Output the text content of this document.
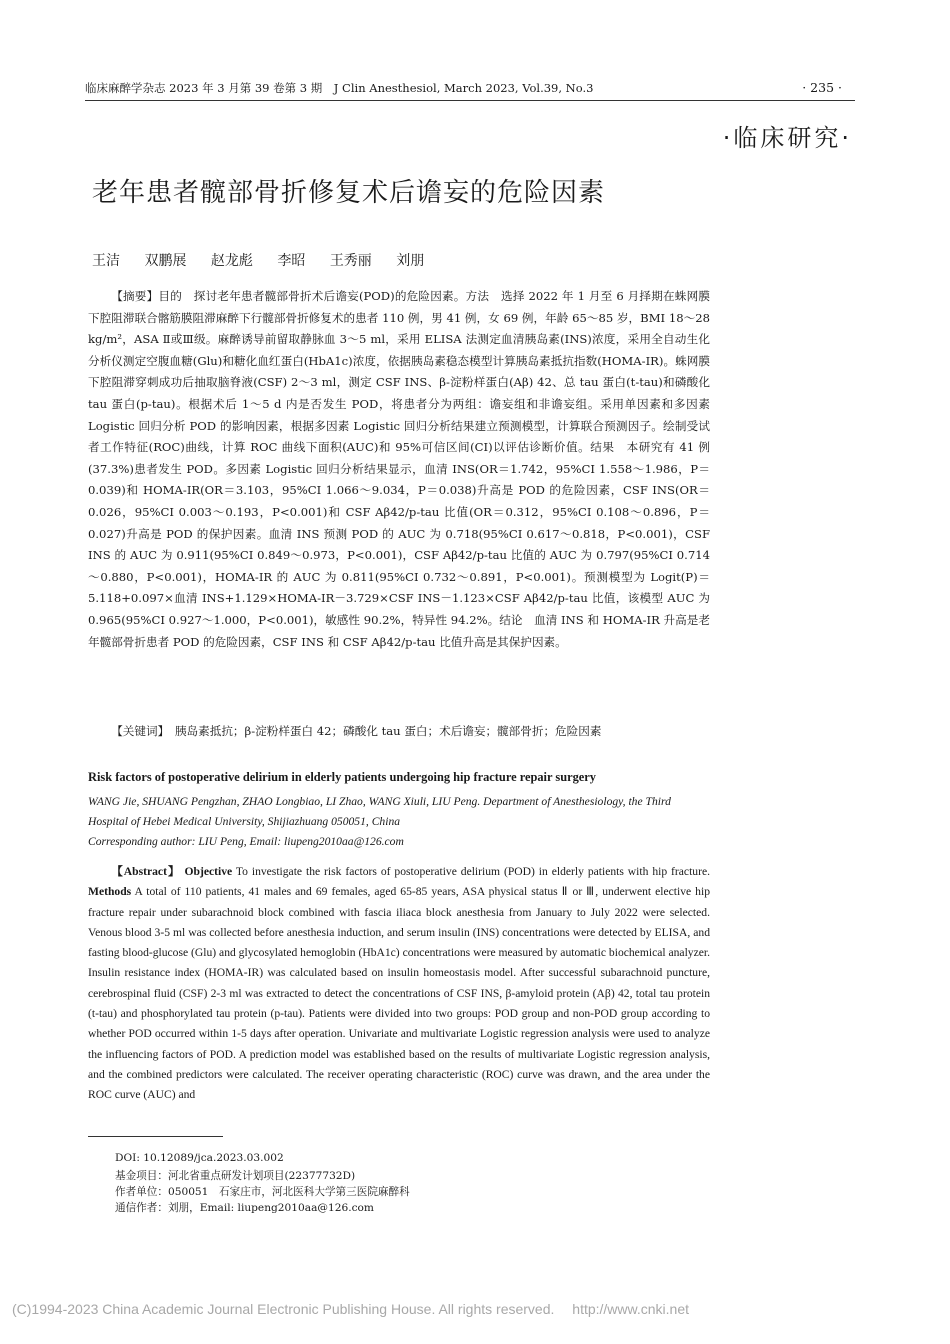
临床麻醉学杂志 2023 年 3 月第 39 卷第 3 期　J Clin Anesthesiol, March 2023, Vol.39, No.3	· 235 ·
·临床研究·
老年患者髋部骨折修复术后谵妄的危险因素
王洁 双鹏展 赵龙彪 李昭 王秀丽 刘朋

【摘要】目的　探讨老年患者髋部骨折术后谵妄(POD)的危险因素。方法　选择 2022 年 1 月至 6 月择期在蛛网膜下腔阻滞联合髂筋膜阻滞麻醉下行髋部骨折修复术的患者 110 例，男 41 例，女 69 例，年龄 65～85 岁，BMI 18～28 kg/m²，ASA Ⅱ或Ⅲ级。麻醉诱导前留取静脉血 3～5 ml，采用 ELISA 法测定血清胰岛素(INS)浓度，采用全自动生化分析仪测定空腹血糖(Glu)和糖化血红蛋白(HbA1c)浓度，依据胰岛素稳态模型计算胰岛素抵抗指数(HOMA-IR)。蛛网膜下腔阻滞穿刺成功后抽取脑脊液(CSF) 2～3 ml，测定 CSF INS、β-淀粉样蛋白(Aβ) 42、总 tau 蛋白(t-tau)和磷酸化 tau 蛋白(p-tau)。根据术后 1～5 d 内是否发生 POD，将患者分为两组：谵妄组和非谵妄组。采用单因素和多因素 Logistic 回归分析 POD 的影响因素，根据多因素 Logistic 回归分析结果建立预测模型，计算联合预测因子。绘制受试者工作特征(ROC)曲线，计算 ROC 曲线下面积(AUC)和 95%可信区间(CI)以评估诊断价值。结果　本研究有 41 例(37.3%)患者发生 POD。多因素 Logistic 回归分析结果显示，血清 INS(OR＝1.742，95%CI 1.558～1.986，P＝0.039)和 HOMA-IR(OR＝3.103，95%CI 1.066～9.034，P＝0.038)升高是 POD 的危险因素，CSF INS(OR＝0.026，95%CI 0.003～0.193，P<0.001)和 CSF Aβ42/p-tau 比值(OR＝0.312，95%CI 0.108～0.896，P＝0.027)升高是 POD 的保护因素。血清 INS 预测 POD 的 AUC 为 0.718(95%CI 0.617～0.818，P<0.001)，CSF INS 的 AUC 为 0.911(95%CI 0.849～0.973，P<0.001)，CSF Aβ42/p-tau 比值的 AUC 为 0.797(95%CI 0.714～0.880，P<0.001)，HOMA-IR 的 AUC 为 0.811(95%CI 0.732～0.891，P<0.001)。预测模型为 Logit(P)＝5.118+0.097×血清 INS+1.129×HOMA-IR－3.729×CSF INS－1.123×CSF Aβ42/p-tau 比值，该模型 AUC 为 0.965(95%CI 0.927～1.000，P<0.001)，敏感性 90.2%，特异性 94.2%。结论　血清 INS 和 HOMA-IR 升高是老年髋部骨折患者 POD 的危险因素，CSF INS 和 CSF Aβ42/p-tau 比值升高是其保护因素。

【关键词】　胰岛素抵抗；β-淀粉样蛋白 42；磷酸化 tau 蛋白；术后谵妄；髋部骨折；危险因素

Risk factors of postoperative delirium in elderly patients undergoing hip fracture repair surgery

WANG Jie, SHUANG Pengzhan, ZHAO Longbiao, LI Zhao, WANG Xiuli, LIU Peng. Department of Anesthesiology, the Third Hospital of Hebei Medical University, Shijiazhuang 050051, China
Corresponding author: LIU Peng, Email: liupeng2010aa@126.com

【Abstract】 Objective To investigate the risk factors of postoperative delirium (POD) in elderly patients with hip fracture. Methods A total of 110 patients, 41 males and 69 females, aged 65-85 years, ASA physical status Ⅱ or Ⅲ, underwent elective hip fracture repair under subarachnoid block combined with fascia iliaca block anesthesia from January to July 2022 were selected. Venous blood 3-5 ml was collected before anesthesia induction, and serum insulin (INS) concentrations were detected by ELISA, and fasting blood-glucose (Glu) and glycosylated hemoglobin (HbA1c) concentrations were measured by automatic biochemical analyzer. Insulin resistance index (HOMA-IR) was calculated based on insulin homeostasis model. After successful subarachnoid puncture, cerebrospinal fluid (CSF) 2-3 ml was extracted to detect the concentrations of CSF INS, β-amyloid protein (Aβ) 42, total tau protein (t-tau) and phosphorylated tau protein (p-tau). Patients were divided into two groups: POD group and non-POD group according to whether POD occurred within 1-5 days after operation. Univariate and multivariate Logistic regression analysis were used to analyze the influencing factors of POD. A prediction model was established based on the results of multivariate Logistic regression analysis, and the combined predictors were calculated. The receiver operating characteristic (ROC) curve was drawn, and the area under the ROC curve (AUC) and

DOI: 10.12089/jca.2023.03.002
基金项目：河北省重点研发计划项目(22377732D)
作者单位：050051　石家庄市，河北医科大学第三医院麻醉科
通信作者：刘朋，Email: liupeng2010aa@126.com
(C)1994-2023 China Academic Journal Electronic Publishing House. All rights reserved.　 http://www.cnki.net
